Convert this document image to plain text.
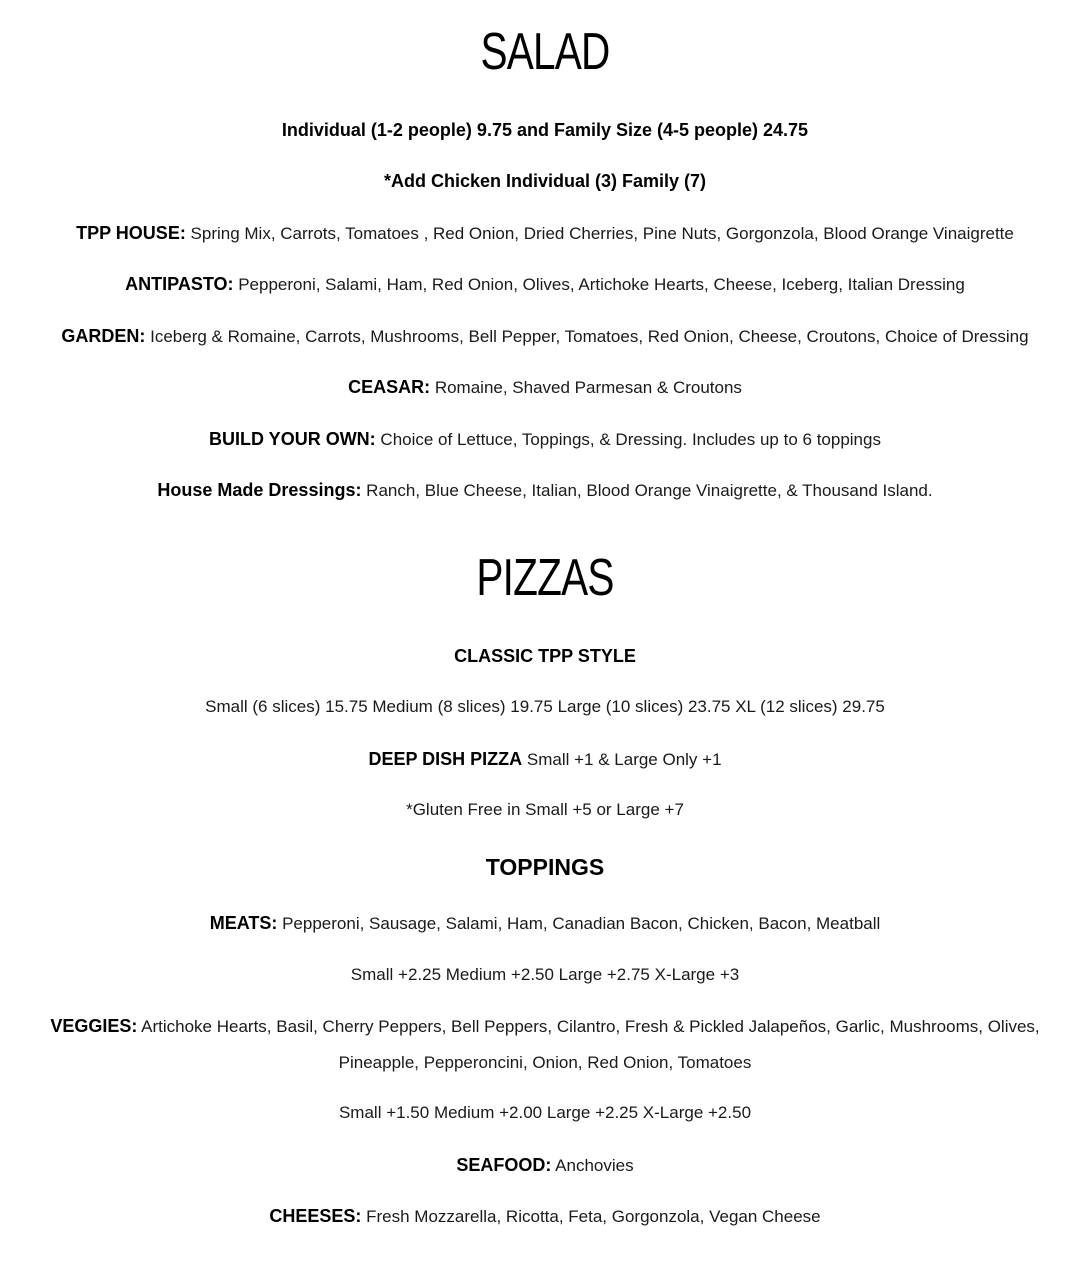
SALAD
Individual (1-2 people) 9.75 and Family Size (4-5 people) 24.75
*Add Chicken Individual (3) Family (7)
TPP HOUSE: Spring Mix, Carrots, Tomatoes , Red Onion, Dried Cherries, Pine Nuts, Gorgonzola, Blood Orange Vinaigrette
ANTIPASTO: Pepperoni, Salami, Ham, Red Onion, Olives, Artichoke Hearts, Cheese, Iceberg, Italian Dressing
GARDEN: Iceberg & Romaine, Carrots, Mushrooms, Bell Pepper, Tomatoes, Red Onion, Cheese, Croutons, Choice of Dressing
CEASAR: Romaine, Shaved Parmesan & Croutons
BUILD YOUR OWN: Choice of Lettuce, Toppings, & Dressing. Includes up to 6 toppings
House Made Dressings: Ranch, Blue Cheese, Italian, Blood Orange Vinaigrette, & Thousand Island.
PIZZAS
CLASSIC TPP STYLE
Small (6 slices) 15.75 Medium (8 slices) 19.75 Large (10 slices) 23.75 XL (12 slices) 29.75
DEEP DISH PIZZA Small +1 & Large Only +1
*Gluten Free in Small +5 or Large +7
TOPPINGS
MEATS: Pepperoni, Sausage, Salami, Ham, Canadian Bacon, Chicken, Bacon, Meatball
Small +2.25 Medium +2.50 Large +2.75 X-Large +3
VEGGIES: Artichoke Hearts, Basil, Cherry Peppers, Bell Peppers, Cilantro, Fresh & Pickled Jalapeños, Garlic, Mushrooms, Olives, Pineapple, Pepperoncini, Onion, Red Onion, Tomatoes
Small +1.50 Medium +2.00 Large +2.25 X-Large +2.50
SEAFOOD: Anchovies
CHEESES: Fresh Mozzarella, Ricotta, Feta, Gorgonzola, Vegan Cheese
